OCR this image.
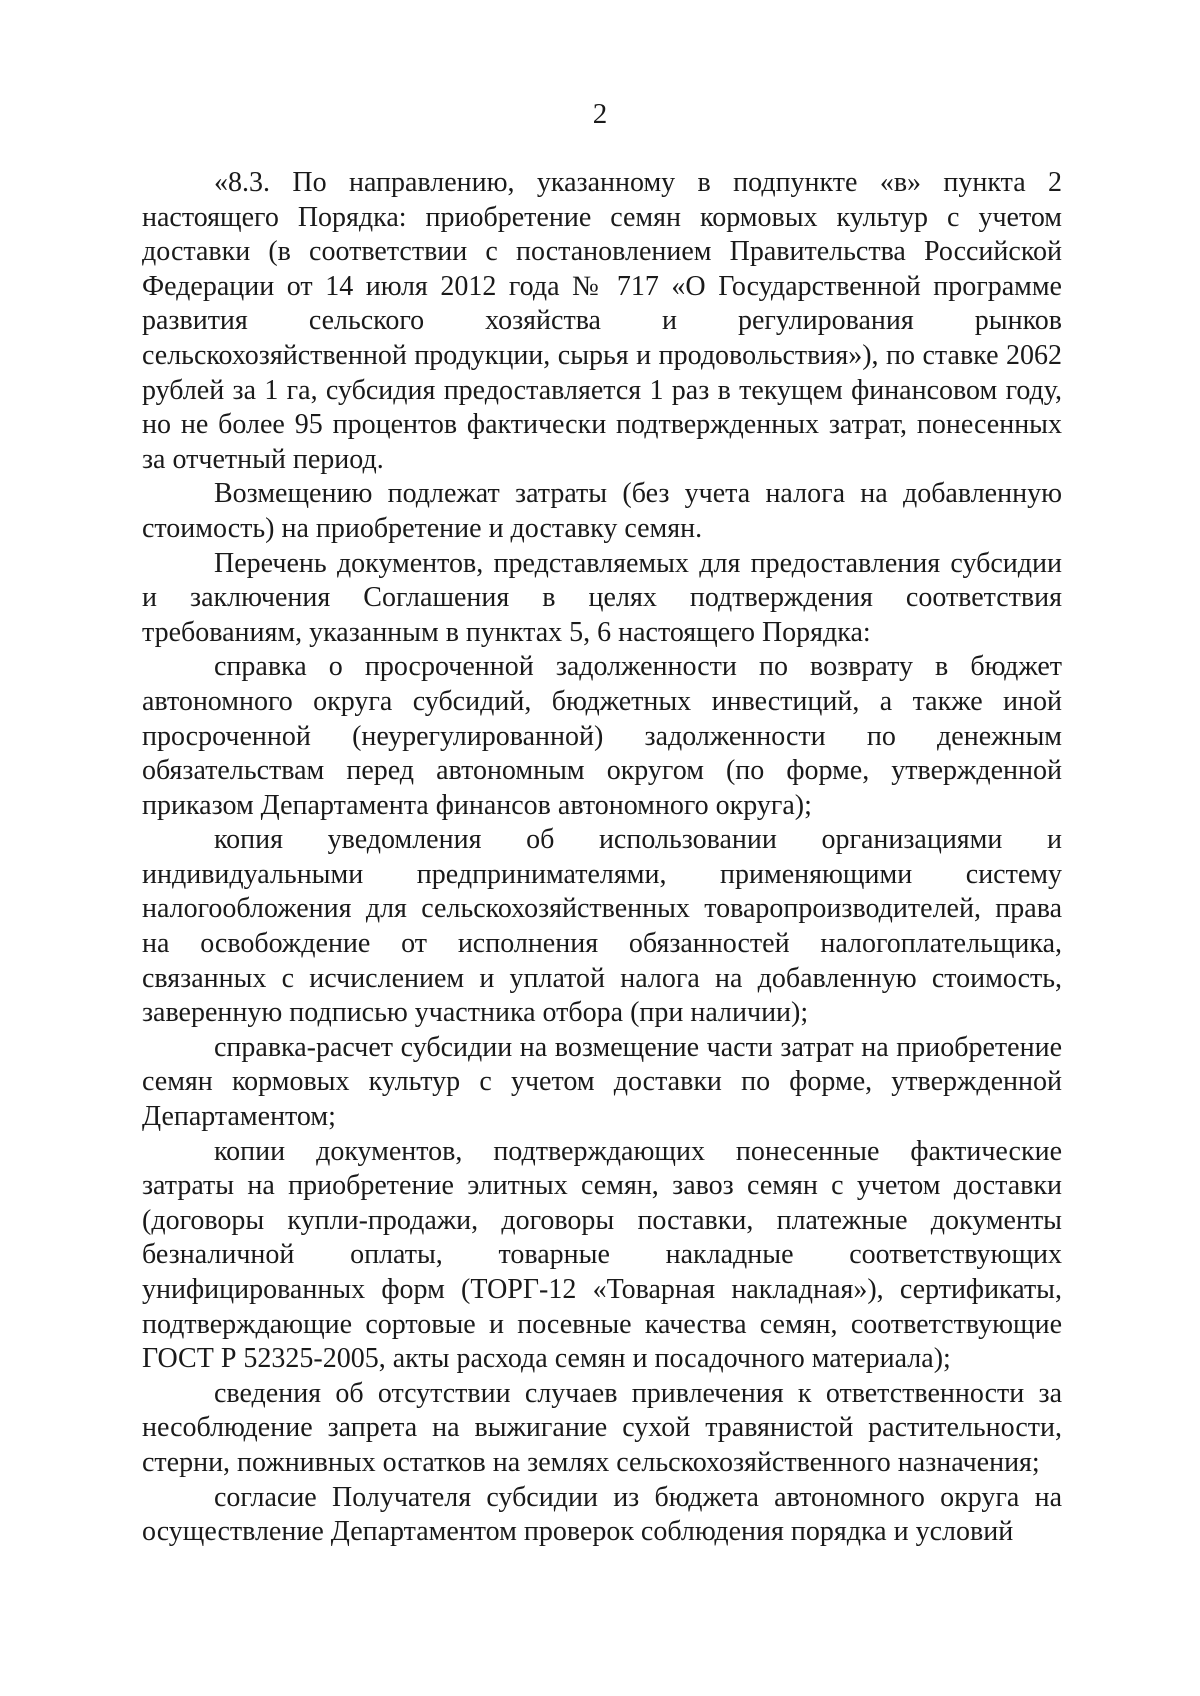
2

«8.3. По направлению, указанному в подпункте «в» пункта 2 настоящего Порядка: приобретение семян кормовых культур с учетом доставки (в соответствии с постановлением Правительства Российской Федерации от 14 июля 2012 года № 717 «О Государственной программе развития сельского хозяйства и регулирования рынков сельскохозяйственной продукции, сырья и продовольствия»), по ставке 2062 рублей за 1 га, субсидия предоставляется 1 раз в текущем финансовом году, но не более 95 процентов фактически подтвержденных затрат, понесенных за отчетный период.

Возмещению подлежат затраты (без учета налога на добавленную стоимость) на приобретение и доставку семян.

Перечень документов, представляемых для предоставления субсидии и заключения Соглашения в целях подтверждения соответствия требованиям, указанным в пунктах 5, 6 настоящего Порядка:

справка о просроченной задолженности по возврату в бюджет автономного округа субсидий, бюджетных инвестиций, а также иной просроченной (неурегулированной) задолженности по денежным обязательствам перед автономным округом (по форме, утвержденной приказом Департамента финансов автономного округа);

копия уведомления об использовании организациями и индивидуальными предпринимателями, применяющими систему налогообложения для сельскохозяйственных товаропроизводителей, права на освобождение от исполнения обязанностей налогоплательщика, связанных с исчислением и уплатой налога на добавленную стоимость, заверенную подписью участника отбора (при наличии);

справка-расчет субсидии на возмещение части затрат на приобретение семян кормовых культур с учетом доставки по форме, утвержденной Департаментом;

копии документов, подтверждающих понесенные фактические затраты на приобретение элитных семян, завоз семян с учетом доставки (договоры купли-продажи, договоры поставки, платежные документы безналичной оплаты, товарные накладные соответствующих унифицированных форм (ТОРГ-12 «Товарная накладная»), сертификаты, подтверждающие сортовые и посевные качества семян, соответствующие ГОСТ Р 52325-2005, акты расхода семян и посадочного материала);

сведения об отсутствии случаев привлечения к ответственности за несоблюдение запрета на выжигание сухой травянистой растительности, стерни, пожнивных остатков на землях сельскохозяйственного назначения;

согласие Получателя субсидии из бюджета автономного округа на осуществление Департаментом проверок соблюдения порядка и условий
